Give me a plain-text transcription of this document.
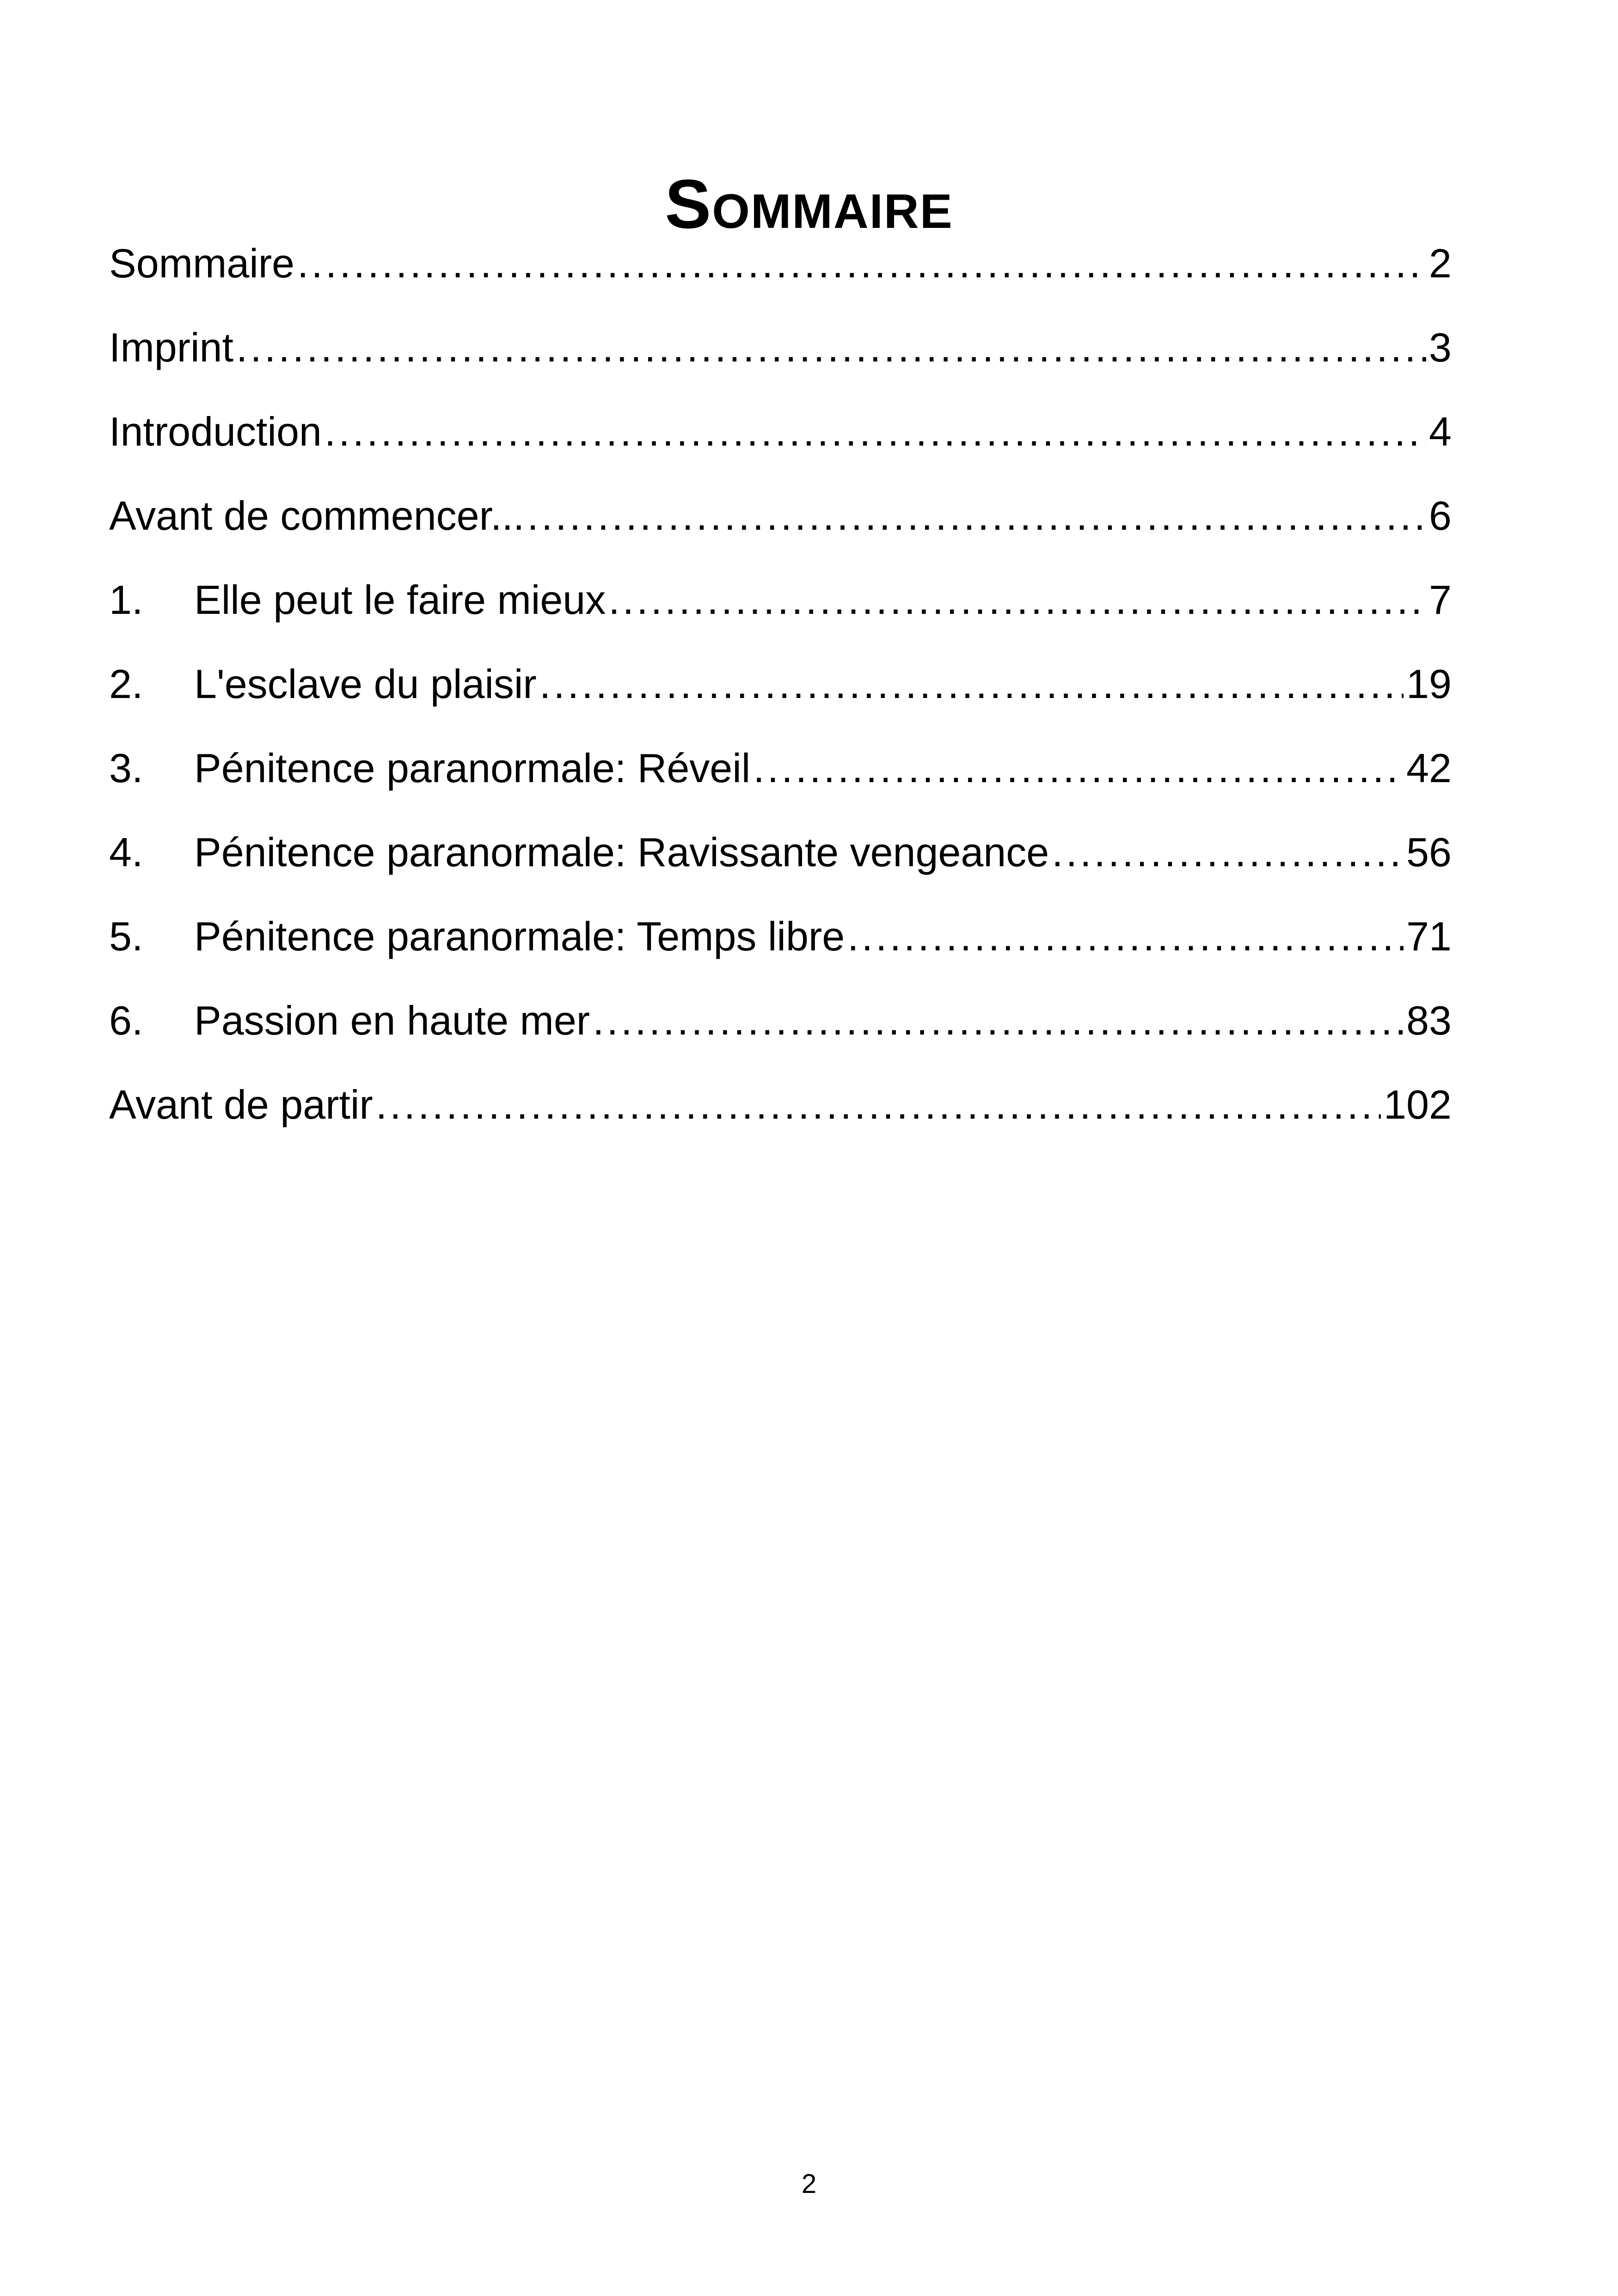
Sommaire
Sommaire .....	2
Imprint .....	3
Introduction .....	4
Avant de commencer... .....	6
1.	Elle peut le faire mieux .....	7
2.	L'esclave du plaisir .....	19
3.	Pénitence paranormale: Réveil .....	42
4.	Pénitence paranormale: Ravissante vengeance .....	56
5.	Pénitence paranormale: Temps libre .....	71
6.	Passion en haute mer .....	83
Avant de partir .....	102
2
